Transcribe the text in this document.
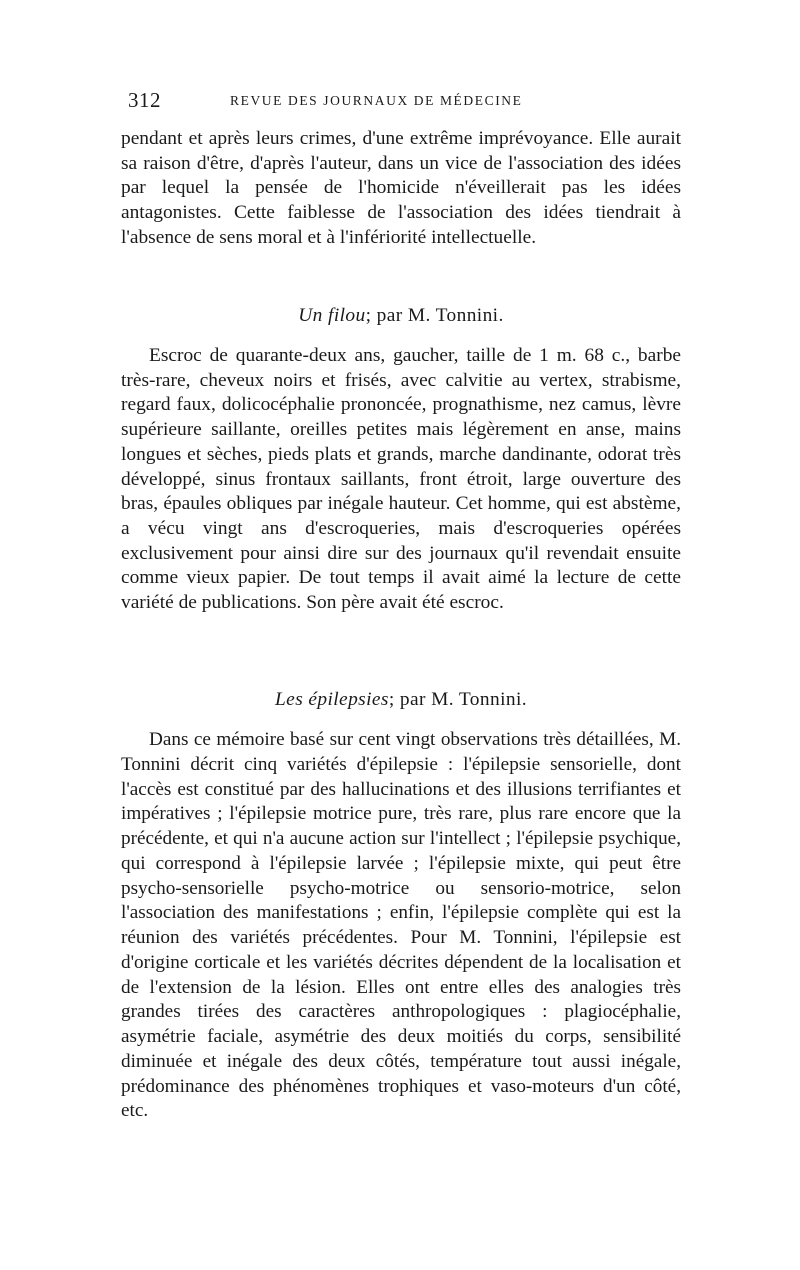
312	REVUE DES JOURNAUX DE MÉDECINE

pendant et après leurs crimes, d'une extrême imprévoyance. Elle aurait sa raison d'être, d'après l'auteur, dans un vice de l'association des idées par lequel la pensée de l'homicide n'éveillerait pas les idées antagonistes. Cette faiblesse de l'association des idées tiendrait à l'absence de sens moral et à l'infériorité intellectuelle.

Un filou; par M. Tonnini.

Escroc de quarante-deux ans, gaucher, taille de 1 m. 68 c., barbe très-rare, cheveux noirs et frisés, avec calvitie au vertex, strabisme, regard faux, dolicocéphalie prononcée, prognathisme, nez camus, lèvre supérieure saillante, oreilles petites mais légèrement en anse, mains longues et sèches, pieds plats et grands, marche dandinante, odorat très développé, sinus frontaux saillants, front étroit, large ouverture des bras, épaules obliques par inégale hauteur. Cet homme, qui est abstème, a vécu vingt ans d'escroqueries, mais d'escroqueries opérées exclusivement pour ainsi dire sur des journaux qu'il revendait ensuite comme vieux papier. De tout temps il avait aimé la lecture de cette variété de publications. Son père avait été escroc.

Les épilepsies; par M. Tonnini.

Dans ce mémoire basé sur cent vingt observations très détaillées, M. Tonnini décrit cinq variétés d'épilepsie : l'épilepsie sensorielle, dont l'accès est constitué par des hallucinations et des illusions terrifiantes et impératives ; l'épilepsie motrice pure, très rare, plus rare encore que la précédente, et qui n'a aucune action sur l'intellect ; l'épilepsie psychique, qui correspond à l'épilepsie larvée ; l'épilepsie mixte, qui peut être psycho-sensorielle psycho-motrice ou sensorio-motrice, selon l'association des manifestations ; enfin, l'épilepsie complète qui est la réunion des variétés précédentes. Pour M. Tonnini, l'épilepsie est d'origine corticale et les variétés décrites dépendent de la localisation et de l'extension de la lésion. Elles ont entre elles des analogies très grandes tirées des caractères anthropologiques : plagiocéphalie, asymétrie faciale, asymétrie des deux moitiés du corps, sensibilité diminuée et inégale des deux côtés, température tout aussi inégale, prédominance des phénomènes trophiques et vaso-moteurs d'un côté, etc.
